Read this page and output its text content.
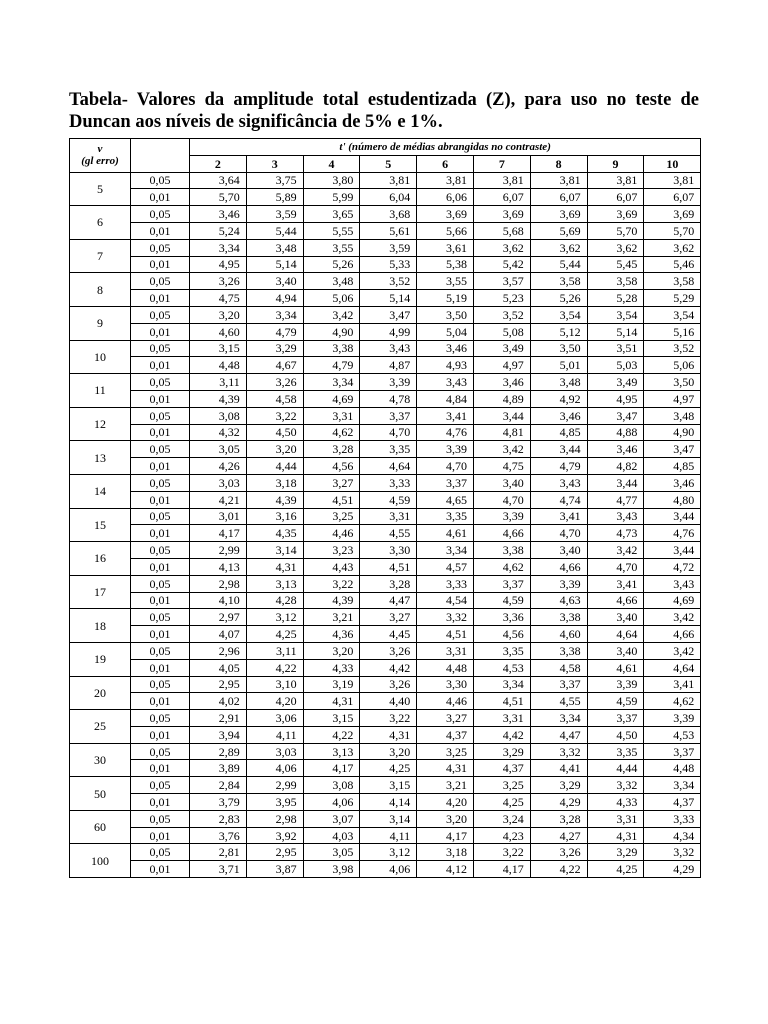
Tabela- Valores da amplitude total estudentizada (Z), para uso no teste de Duncan aos níveis de significância de 5% e 1%.
v
(gl erro)		t' (número de médias abrangidas no contraste)								
		2	3	4	5	6	7	8	9	10
5	0,05	3,64	3,75	3,80	3,81	3,81	3,81	3,81	3,81	3,81
	0,01	5,70	5,89	5,99	6,04	6,06	6,07	6,07	6,07	6,07
6	0,05	3,46	3,59	3,65	3,68	3,69	3,69	3,69	3,69	3,69
	0,01	5,24	5,44	5,55	5,61	5,66	5,68	5,69	5,70	5,70
7	0,05	3,34	3,48	3,55	3,59	3,61	3,62	3,62	3,62	3,62
	0,01	4,95	5,14	5,26	5,33	5,38	5,42	5,44	5,45	5,46
8	0,05	3,26	3,40	3,48	3,52	3,55	3,57	3,58	3,58	3,58
	0,01	4,75	4,94	5,06	5,14	5,19	5,23	5,26	5,28	5,29
9	0,05	3,20	3,34	3,42	3,47	3,50	3,52	3,54	3,54	3,54
	0,01	4,60	4,79	4,90	4,99	5,04	5,08	5,12	5,14	5,16
10	0,05	3,15	3,29	3,38	3,43	3,46	3,49	3,50	3,51	3,52
	0,01	4,48	4,67	4,79	4,87	4,93	4,97	5,01	5,03	5,06
11	0,05	3,11	3,26	3,34	3,39	3,43	3,46	3,48	3,49	3,50
	0,01	4,39	4,58	4,69	4,78	4,84	4,89	4,92	4,95	4,97
12	0,05	3,08	3,22	3,31	3,37	3,41	3,44	3,46	3,47	3,48
	0,01	4,32	4,50	4,62	4,70	4,76	4,81	4,85	4,88	4,90
13	0,05	3,05	3,20	3,28	3,35	3,39	3,42	3,44	3,46	3,47
	0,01	4,26	4,44	4,56	4,64	4,70	4,75	4,79	4,82	4,85
14	0,05	3,03	3,18	3,27	3,33	3,37	3,40	3,43	3,44	3,46
	0,01	4,21	4,39	4,51	4,59	4,65	4,70	4,74	4,77	4,80
15	0,05	3,01	3,16	3,25	3,31	3,35	3,39	3,41	3,43	3,44
	0,01	4,17	4,35	4,46	4,55	4,61	4,66	4,70	4,73	4,76
16	0,05	2,99	3,14	3,23	3,30	3,34	3,38	3,40	3,42	3,44
	0,01	4,13	4,31	4,43	4,51	4,57	4,62	4,66	4,70	4,72
17	0,05	2,98	3,13	3,22	3,28	3,33	3,37	3,39	3,41	3,43
	0,01	4,10	4,28	4,39	4,47	4,54	4,59	4,63	4,66	4,69
18	0,05	2,97	3,12	3,21	3,27	3,32	3,36	3,38	3,40	3,42
	0,01	4,07	4,25	4,36	4,45	4,51	4,56	4,60	4,64	4,66
19	0,05	2,96	3,11	3,20	3,26	3,31	3,35	3,38	3,40	3,42
	0,01	4,05	4,22	4,33	4,42	4,48	4,53	4,58	4,61	4,64
20	0,05	2,95	3,10	3,19	3,26	3,30	3,34	3,37	3,39	3,41
	0,01	4,02	4,20	4,31	4,40	4,46	4,51	4,55	4,59	4,62
25	0,05	2,91	3,06	3,15	3,22	3,27	3,31	3,34	3,37	3,39
	0,01	3,94	4,11	4,22	4,31	4,37	4,42	4,47	4,50	4,53
30	0,05	2,89	3,03	3,13	3,20	3,25	3,29	3,32	3,35	3,37
	0,01	3,89	4,06	4,17	4,25	4,31	4,37	4,41	4,44	4,48
50	0,05	2,84	2,99	3,08	3,15	3,21	3,25	3,29	3,32	3,34
	0,01	3,79	3,95	4,06	4,14	4,20	4,25	4,29	4,33	4,37
60	0,05	2,83	2,98	3,07	3,14	3,20	3,24	3,28	3,31	3,33
	0,01	3,76	3,92	4,03	4,11	4,17	4,23	4,27	4,31	4,34
100	0,05	2,81	2,95	3,05	3,12	3,18	3,22	3,26	3,29	3,32
	0,01	3,71	3,87	3,98	4,06	4,12	4,17	4,22	4,25	4,29
